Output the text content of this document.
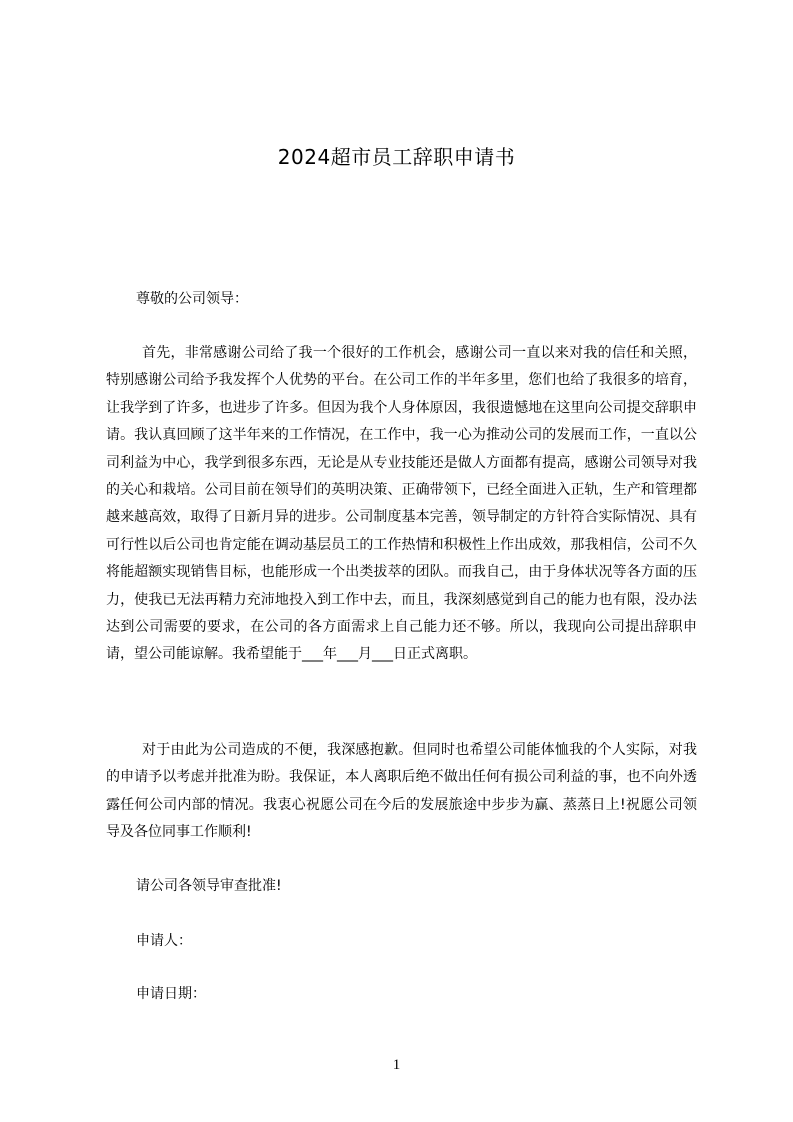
2024超市员工辞职申请书
尊敬的公司领导：
首先，非常感谢公司给了我一个很好的工作机会，感谢公司一直以来对我的信任和关照，特别感谢公司给予我发挥个人优势的平台。在公司工作的半年多里，您们也给了我很多的培育，让我学到了许多，也进步了许多。但因为我个人身体原因，我很遗憾地在这里向公司提交辞职申请。我认真回顾了这半年来的工作情况，在工作中，我一心为推动公司的发展而工作，一直以公司利益为中心，我学到很多东西，无论是从专业技能还是做人方面都有提高，感谢公司领导对我的关心和栽培。公司目前在领导们的英明决策、正确带领下，已经全面进入正轨，生产和管理都越来越高效，取得了日新月异的进步。公司制度基本完善，领导制定的方针符合实际情况、具有可行性以后公司也肯定能在调动基层员工的工作热情和积极性上作出成效，那我相信，公司不久将能超额实现销售目标，也能形成一个出类拔萃的团队。而我自己，由于身体状况等各方面的压力，使我已无法再精力充沛地投入到工作中去，而且，我深刻感觉到自己的能力也有限，没办法达到公司需要的要求，在公司的各方面需求上自己能力还不够。所以，我现向公司提出辞职申请，望公司能谅解。我希望能于___年___月___日正式离职。
对于由此为公司造成的不便，我深感抱歉。但同时也希望公司能体恤我的个人实际，对我的申请予以考虑并批准为盼。我保证，本人离职后绝不做出任何有损公司利益的事，也不向外透露任何公司内部的情况。我衷心祝愿公司在今后的发展旅途中步步为赢、蒸蒸日上!祝愿公司领导及各位同事工作顺利!
请公司各领导审查批准!
申请人：
申请日期：
1
